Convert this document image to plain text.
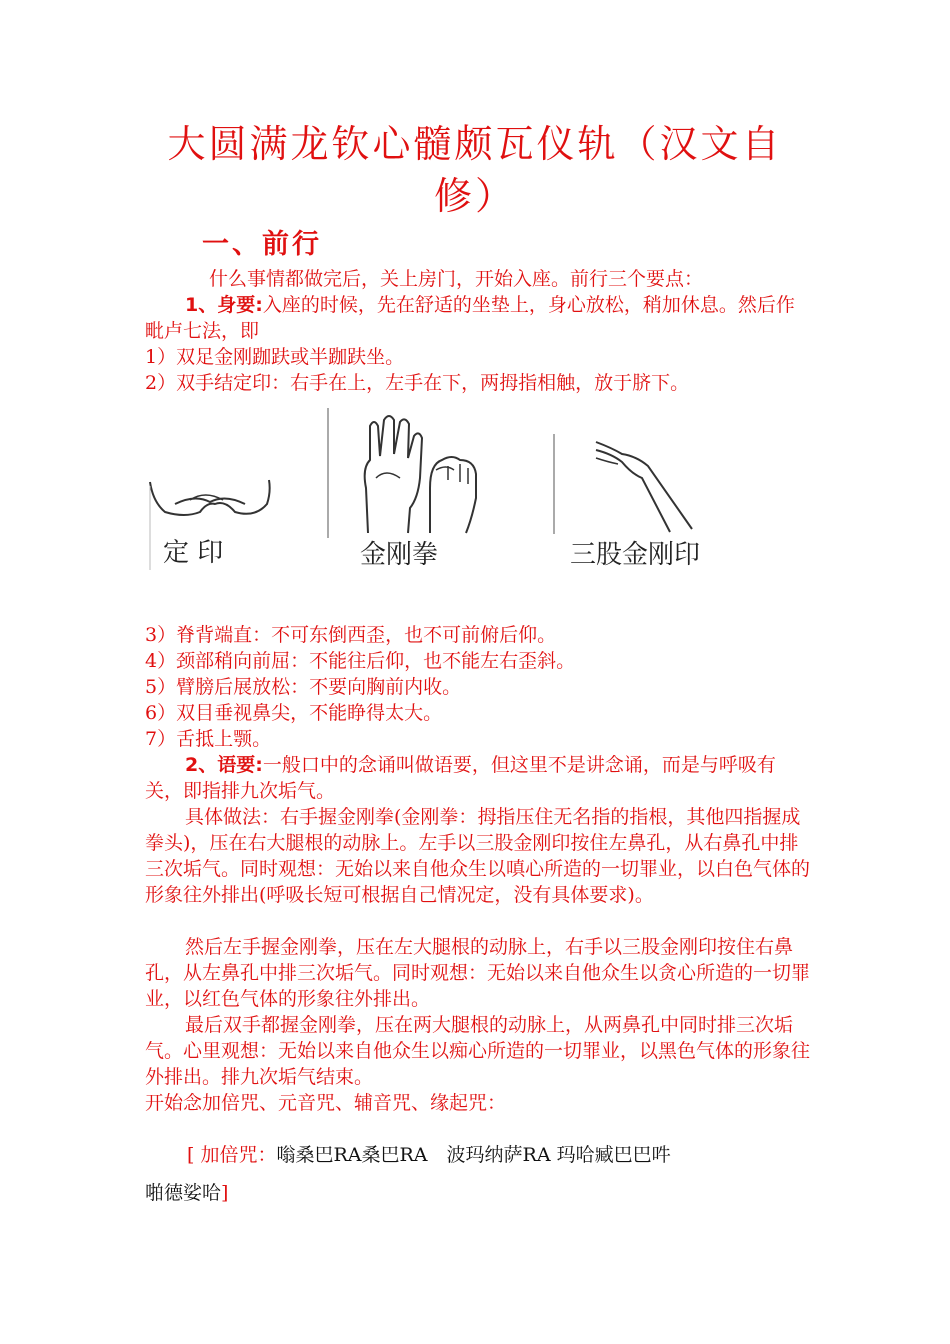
大圆满龙钦心髓颇瓦仪轨（汉文自修）
一、前行

什么事情都做完后，关上房门，开始入座。前行三个要点：

1、身要:入座的时候，先在舒适的坐垫上，身心放松，稍加休息。然后作毗卢七法，即

1）双足金刚跏趺或半跏趺坐。

2）双手结定印：右手在上，左手在下，两拇指相触，放于脐下。

定 印	金刚拳	三股金刚印

3）脊背端直：不可东倒西歪，也不可前俯后仰。

4）颈部稍向前屈：不能往后仰，也不能左右歪斜。

5）臂膀后展放松：不要向胸前内收。

6）双目垂视鼻尖，不能睁得太大。

7）舌抵上颚。

2、语要:一般口中的念诵叫做语要，但这里不是讲念诵，而是与呼吸有关，即指排九次垢气。

具体做法：右手握金刚拳(金刚拳：拇指压住无名指的指根，其他四指握成拳头)，压在右大腿根的动脉上。左手以三股金刚印按住左鼻孔，从右鼻孔中排三次垢气。同时观想：无始以来自他众生以嗔心所造的一切罪业，以白色气体的形象往外排出(呼吸长短可根据自己情况定，没有具体要求)。

然后左手握金刚拳，压在左大腿根的动脉上，右手以三股金刚印按住右鼻孔，从左鼻孔中排三次垢气。同时观想：无始以来自他众生以贪心所造的一切罪业，以红色气体的形象往外排出。

最后双手都握金刚拳，压在两大腿根的动脉上，从两鼻孔中同时排三次垢气。心里观想：无始以来自他众生以痴心所造的一切罪业，以黑色气体的形象往外排出。排九次垢气结束。

开始念加倍咒、元音咒、辅音咒、缘起咒：

[ 加倍咒：嗡桑巴RA桑巴RA　波玛纳萨RA 玛哈臧巴巴吽
啪德娑哈]
